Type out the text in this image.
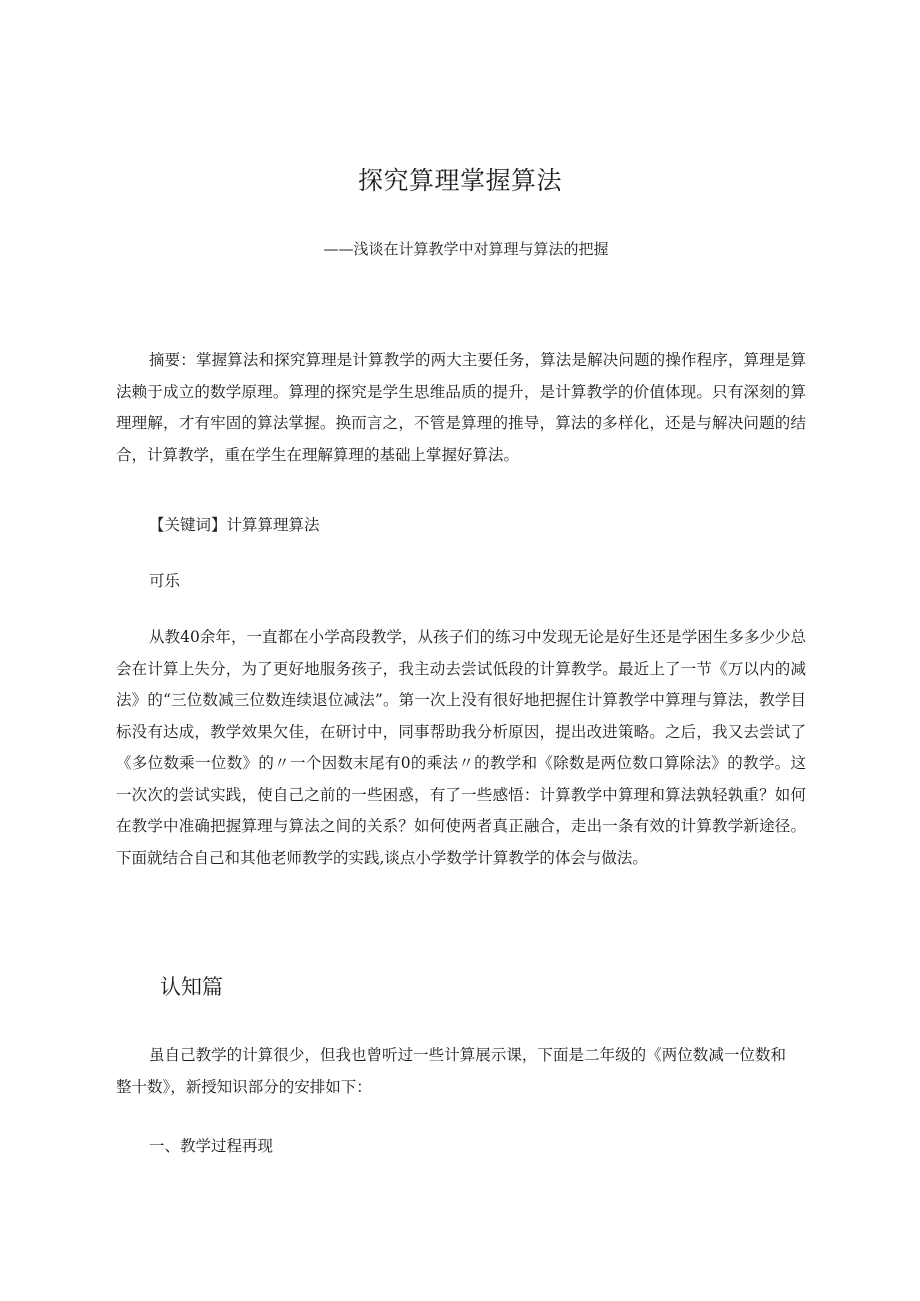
探究算理掌握算法

——浅谈在计算教学中对算理与算法的把握

摘要：掌握算法和探究算理是计算教学的两大主要任务，算法是解决问题的操作程序，算理是算法赖于成立的数学原理。算理的探究是学生思维品质的提升，是计算教学的价值体现。只有深刻的算理理解，才有牢固的算法掌握。换而言之，不管是算理的推导，算法的多样化，还是与解决问题的结合，计算教学，重在学生在理解算理的基础上掌握好算法。

【关键词】计算算理算法

可乐

从教40余年，一直都在小学高段教学，从孩子们的练习中发现无论是好生还是学困生多多少少总会在计算上失分，为了更好地服务孩子，我主动去尝试低段的计算教学。最近上了一节《万以内的减法》的“三位数减三位数连续退位减法”。第一次上没有很好地把握住计算教学中算理与算法，教学目标没有达成，教学效果欠佳，在研讨中，同事帮助我分析原因，提出改进策略。之后，我又去尝试了《多位数乘一位数》的〃一个因数末尾有0的乘法〃的教学和《除数是两位数口算除法》的教学。这一次次的尝试实践，使自己之前的一些困惑，有了一些感悟：计算教学中算理和算法孰轻孰重？如何在教学中准确把握算理与算法之间的关系？如何使两者真正融合，走出一条有效的计算教学新途径。下面就结合自己和其他老师教学的实践,谈点小学数学计算教学的体会与做法。

认知篇

虽自己教学的计算很少，但我也曾听过一些计算展示课，下面是二年级的《两位数减一位数和整十数》，新授知识部分的安排如下：

一、教学过程再现
